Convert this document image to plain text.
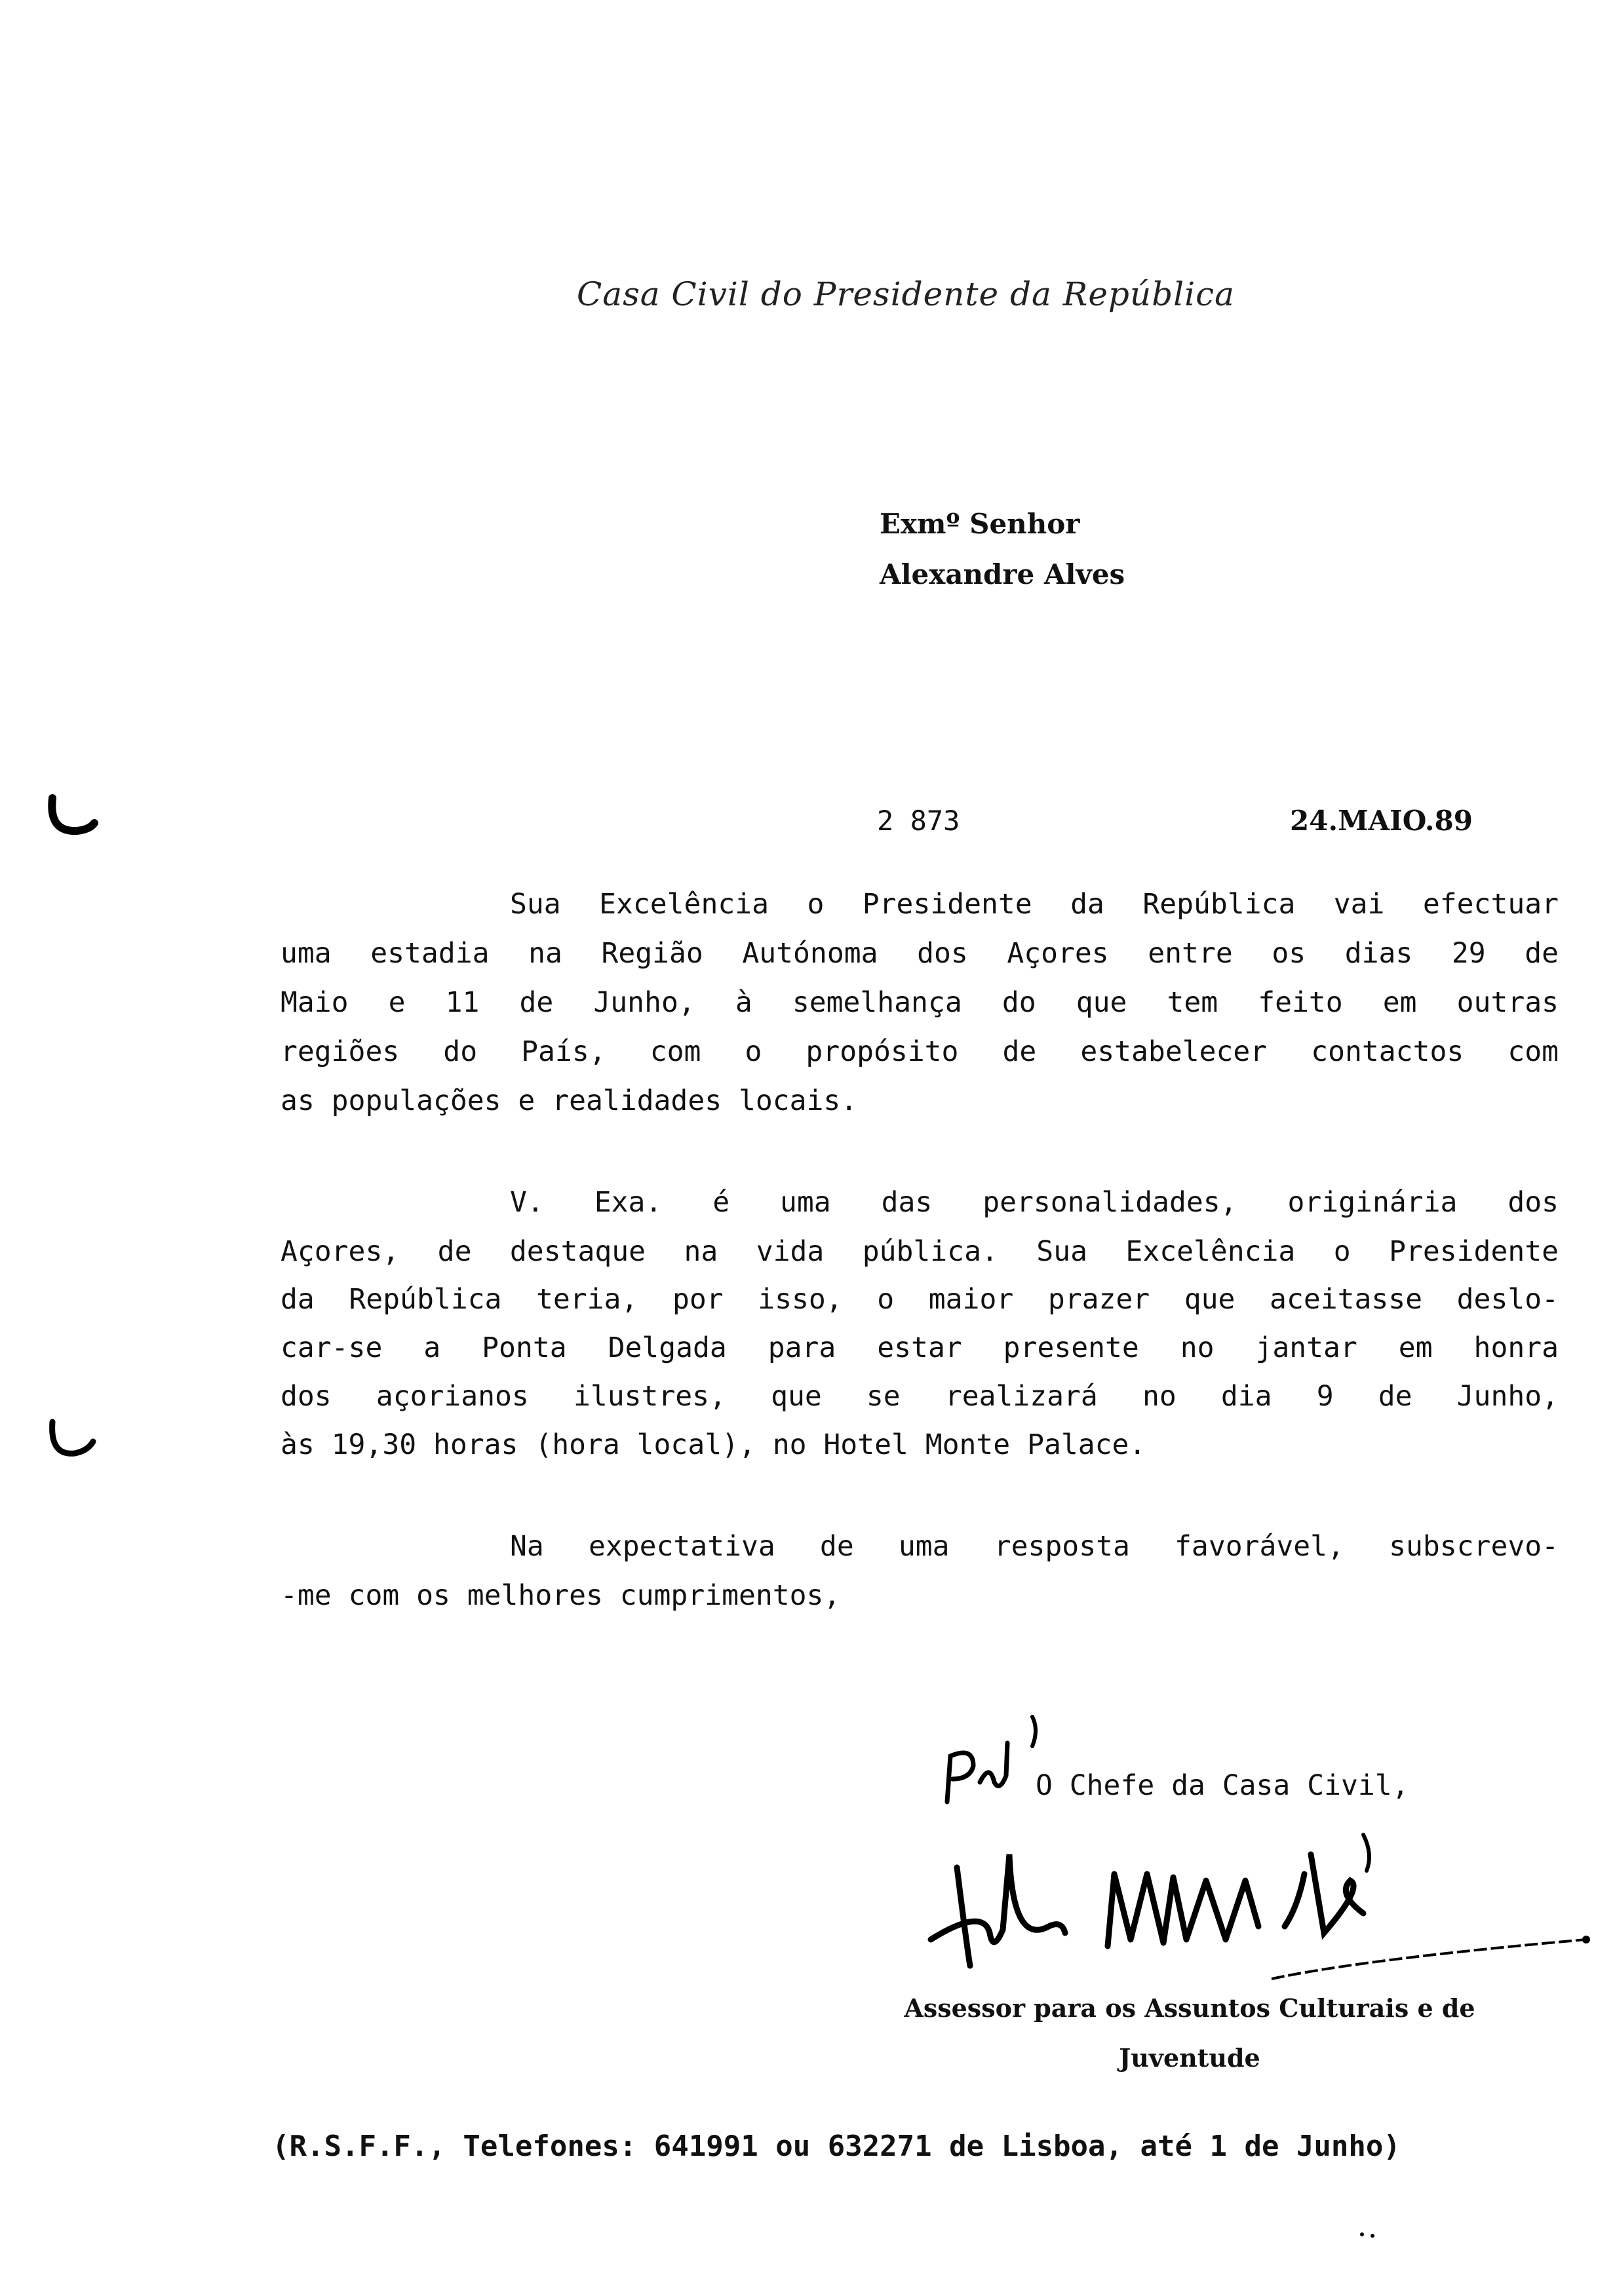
Casa Civil do Presidente da República
Exmº Senhor
Alexandre Alves
2 873	24.MAIO.89
Sua Excelência o Presidente da República vai efectuar
uma estadia na Região Autónoma dos Açores entre os dias 29 de
Maio e 11 de Junho, à semelhança do que tem feito em outras
regiões do País, com o propósito de estabelecer contactos com
as populações e realidades locais.
V. Exa. é uma das personalidades, originária dos
Açores, de destaque na vida pública. Sua Excelência o Presidente
da República teria, por isso, o maior prazer que aceitasse deslo-
car-se a Ponta Delgada para estar presente no jantar em honra
dos açorianos ilustres, que se realizará no dia 9 de Junho,
às 19,30 horas (hora local), no Hotel Monte Palace.
Na expectativa de uma resposta favorável, subscrevo-
-me com os melhores cumprimentos,
O Chefe da Casa Civil,
Assessor para os Assuntos Culturais e de
Juventude
(R.S.F.F., Telefones: 641991 ou 632271 de Lisboa, até 1 de Junho)
